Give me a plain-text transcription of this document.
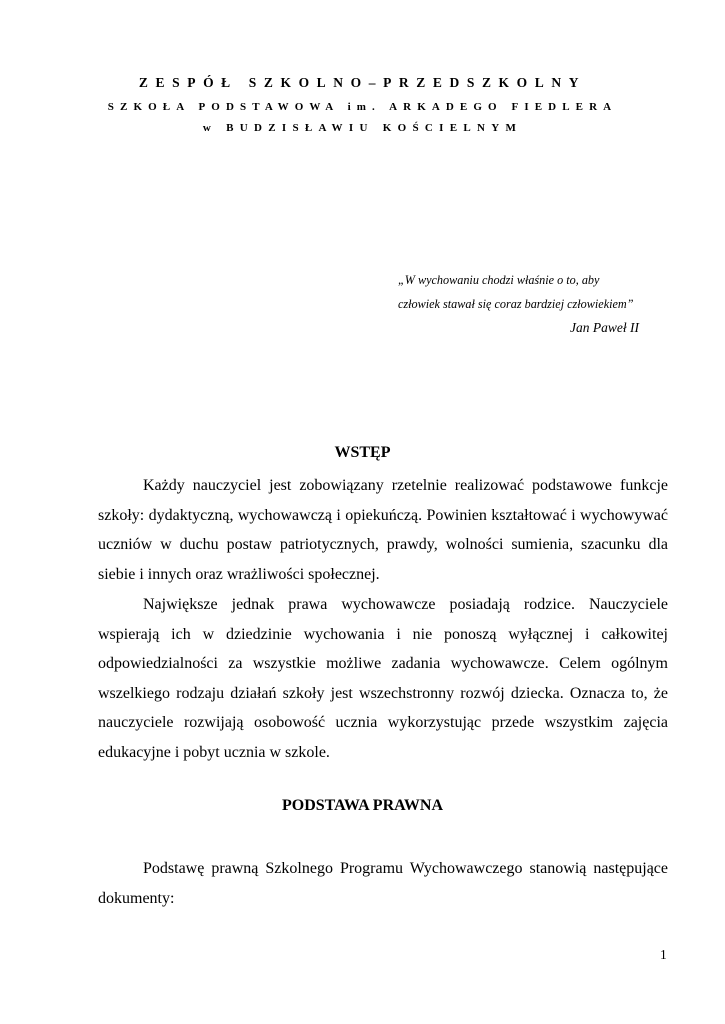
ZESPÓŁ SZKOLNO–PRZEDSZKOLNY
SZKOŁA PODSTAWOWA im. ARKADEGO FIEDLERA
w BUDZISŁAWIU KOŚCIELNYM
„W wychowaniu chodzi właśnie o to, aby
człowiek stawał się coraz bardziej człowiekiem”
Jan Paweł II
WSTĘP
Każdy nauczyciel jest zobowiązany rzetelnie realizować podstawowe funkcje szkoły: dydaktyczną, wychowawczą i opiekuńczą. Powinien kształtować i wychowywać uczniów w duchu postaw patriotycznych, prawdy, wolności sumienia, szacunku dla siebie i innych oraz wrażliwości społecznej.
Największe jednak prawa wychowawcze posiadają rodzice. Nauczyciele wspierają ich w dziedzinie wychowania i nie ponoszą wyłącznej i całkowitej odpowiedzialności za wszystkie możliwe zadania wychowawcze. Celem ogólnym wszelkiego rodzaju działań szkoły jest wszechstronny rozwój dziecka. Oznacza to, że nauczyciele rozwijają osobowość ucznia wykorzystując przede wszystkim zajęcia edukacyjne i pobyt ucznia w szkole.
PODSTAWA PRAWNA
Podstawę prawną Szkolnego Programu Wychowawczego stanowią następujące dokumenty:
1
